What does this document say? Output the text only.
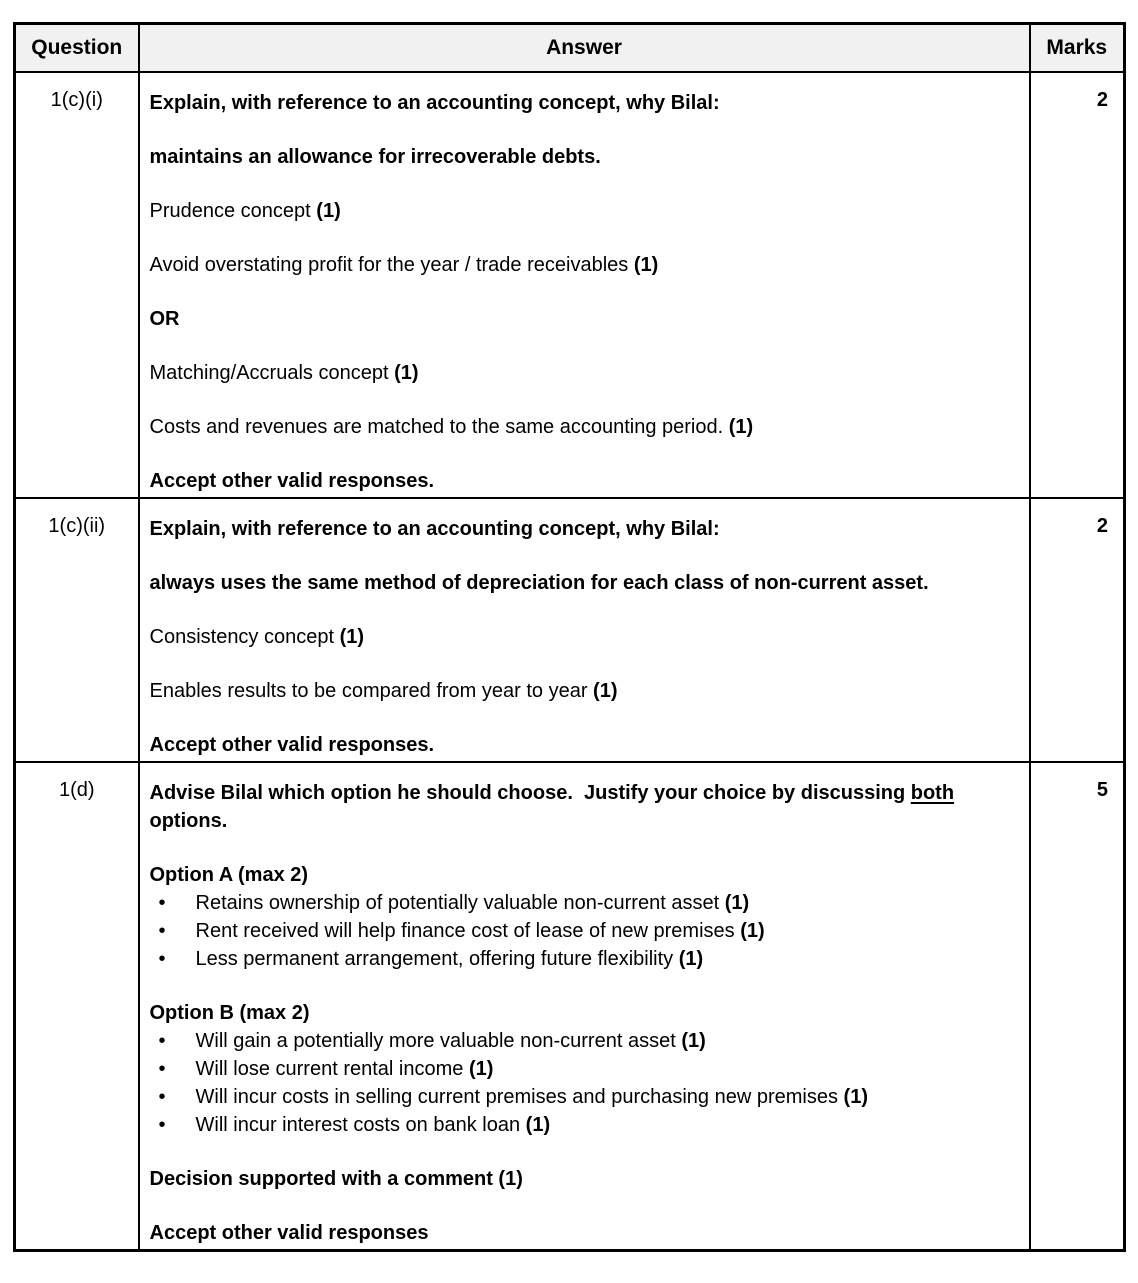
Question	Answer	Marks
1(c)(i)	Explain, with reference to an accounting concept, why Bilal:
maintains an allowance for irrecoverable debts.
Prudence concept (1)
Avoid overstating profit for the year / trade receivables (1)
OR
Matching/Accruals concept (1)
Costs and revenues are matched to the same accounting period. (1)
Accept other valid responses.
	2
1(c)(ii)	Explain, with reference to an accounting concept, why Bilal:
always uses the same method of depreciation for each class of non-current asset.
Consistency concept (1)
Enables results to be compared from year to year (1)
Accept other valid responses.	2
1(d)	Advise Bilal which option he should choose.  Justify your choice by discussing both options.
Option A (max 2)
• Retains ownership of potentially valuable non-current asset (1)
• Rent received will help finance cost of lease of new premises (1)
• Less permanent arrangement, offering future flexibility (1)
Option B (max 2)
• Will gain a potentially more valuable non-current asset (1)
• Will lose current rental income (1)
• Will incur costs in selling current premises and purchasing new premises (1)
• Will incur interest costs on bank loan (1)
Decision supported with a comment (1)
Accept other valid responses
	5
